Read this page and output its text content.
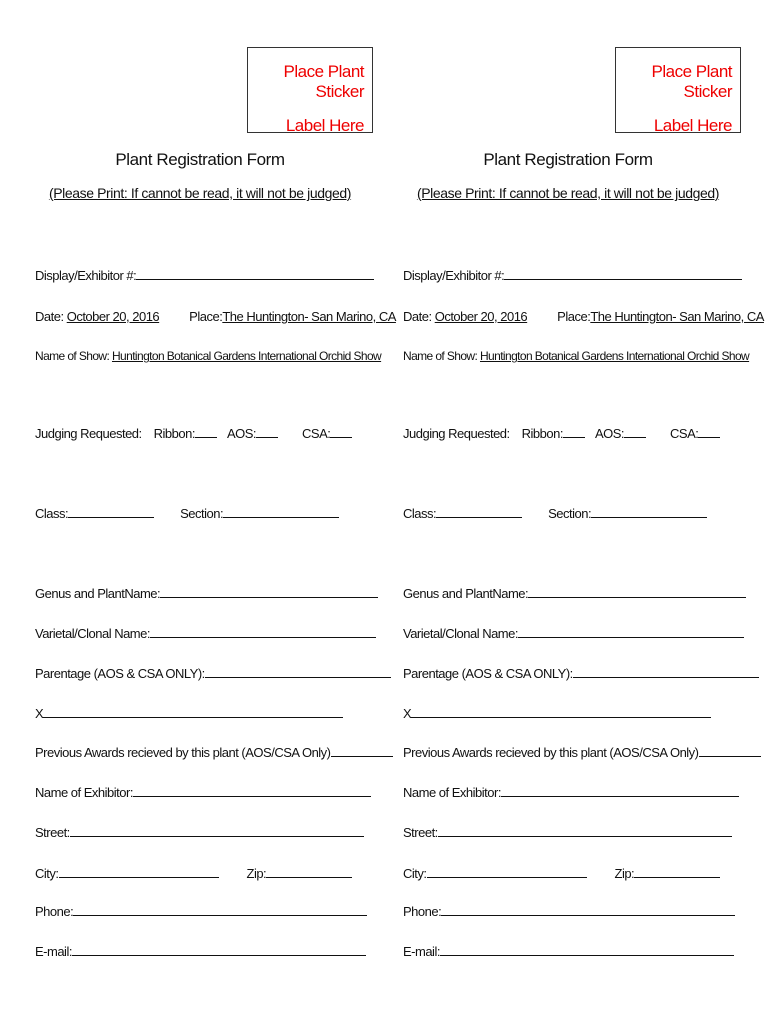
Place Plant Sticker
Label Here
Plant Registration Form
(Please Print: If cannot be read, it will not be judged)
Display/Exhibitor #:
Date:
October 20, 2016 Place: The Huntington- San Marino, CA
Name of Show:
Huntington Botanical Gardens International Orchid Show
Judging Requested: Ribbon: AOS:	CSA:
Class:	Section:
Genus and PlantName:
Varietal/Clonal Name:
Parentage (AOS & CSA ONLY):
X
Previous Awards recieved by this plant (AOS/CSA Only)
Name of Exhibitor:
Street:
City:	Zip:
Phone:
E-mail:
Place Plant Sticker
Label Here
Plant Registration Form
(Please Print: If cannot be read, it will not be judged)
Display/Exhibitor #:
Date:
October 20, 2016 Place: The Huntington- San Marino, CA
Name of Show:
Huntington Botanical Gardens International Orchid Show
Judging Requested: Ribbon: AOS:	CSA:
Class:	Section:
Genus and PlantName:
Varietal/Clonal Name:
Parentage (AOS & CSA ONLY):
X
Previous Awards recieved by this plant (AOS/CSA Only)
Name of Exhibitor:
Street:
City:	Zip:
Phone:
E-mail:
